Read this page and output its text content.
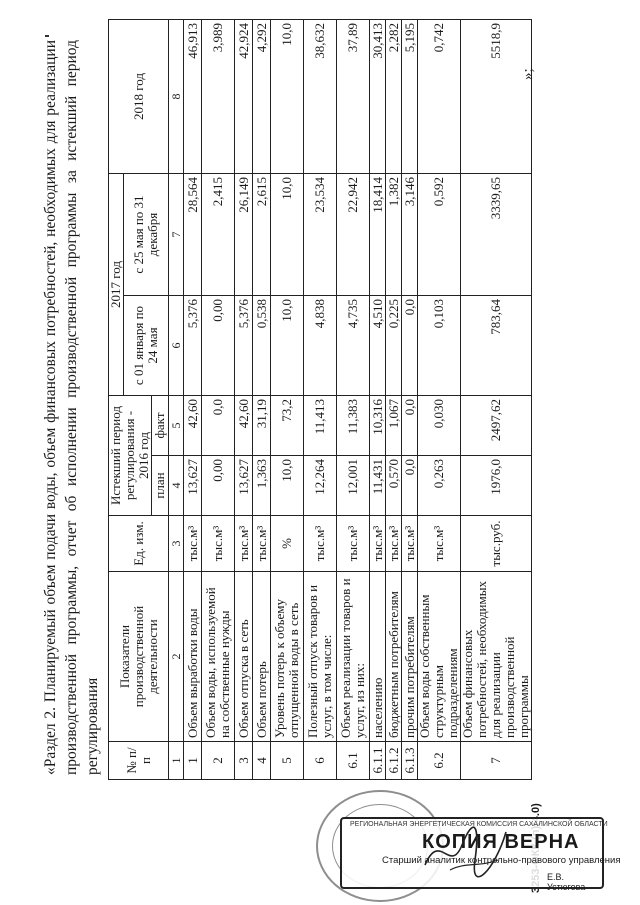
«Раздел 2. Планируемый объем подачи воды, объем финансовых потребностей, необходимых для реализации производственной программы, отчет об исполнении производственной программы за истекший период регулирования № п/п	Показатели производственной деятельности	Ед. изм.	Истекший период регулирования - 2016 год		2017 год		2018 год
					с 01 января по 24 мая	с 25 мая по 31 декабря	
			план	факт			
1	2	3	4	5	6	7	8
1	Объем выработки воды	тыс.м³	13,627	42,60	5,376	28,564	46,913
2	Объем воды, используемой на собственные нужды	тыс.м³	0,00	0,0	0,00	2,415	3,989
3	Объем отпуска в сеть	тыс.м³	13,627	42,60	5,376	26,149	42,924
4	Объем потерь	тыс.м³	1,363	31,19	0,538	2,615	4,292
5	Уровень потерь к объему отпущенной воды в сеть	%	10,0	73,2	10,0	10,0	10,0
6	Полезный отпуск товаров и услуг, в том числе:	тыс.м³	12,264	11,413	4,838	23,534	38,632
6.1	Объем реализации товаров и услуг, из них:	тыс.м³	12,001	11,383	4,735	22,942	37,89
6.1.1	населению	тыс.м³	11,431	10,316	4,510	18,414	30,413
6.1.2	бюджетным потребителям	тыс.м³	0,570	1,067	0,225	1,382	2,282
6.1.3	прочим потребителям	тыс.м³	0,0	0,0	0,0	3,146	5,195
6.2	Объем воды собственным структурным подразделениям	тыс.м³	0,263	0,030	0,103	0,592	0,742
7	Объем финансовых потребностей, необходимых для реализации производственной программы	тыс.руб.	1976,0	2497,62	783,64	3339,65	5518,9
»;
РЕГИОНАЛЬНАЯ ЭНЕРГЕТИЧЕСКАЯ КОМИССИЯ САХАЛИНСКОЙ ОБЛАСТИ
КОПИЯ ВЕРНА
Старший аналитик контрольно-правового управления
Е.В. Устюгова
